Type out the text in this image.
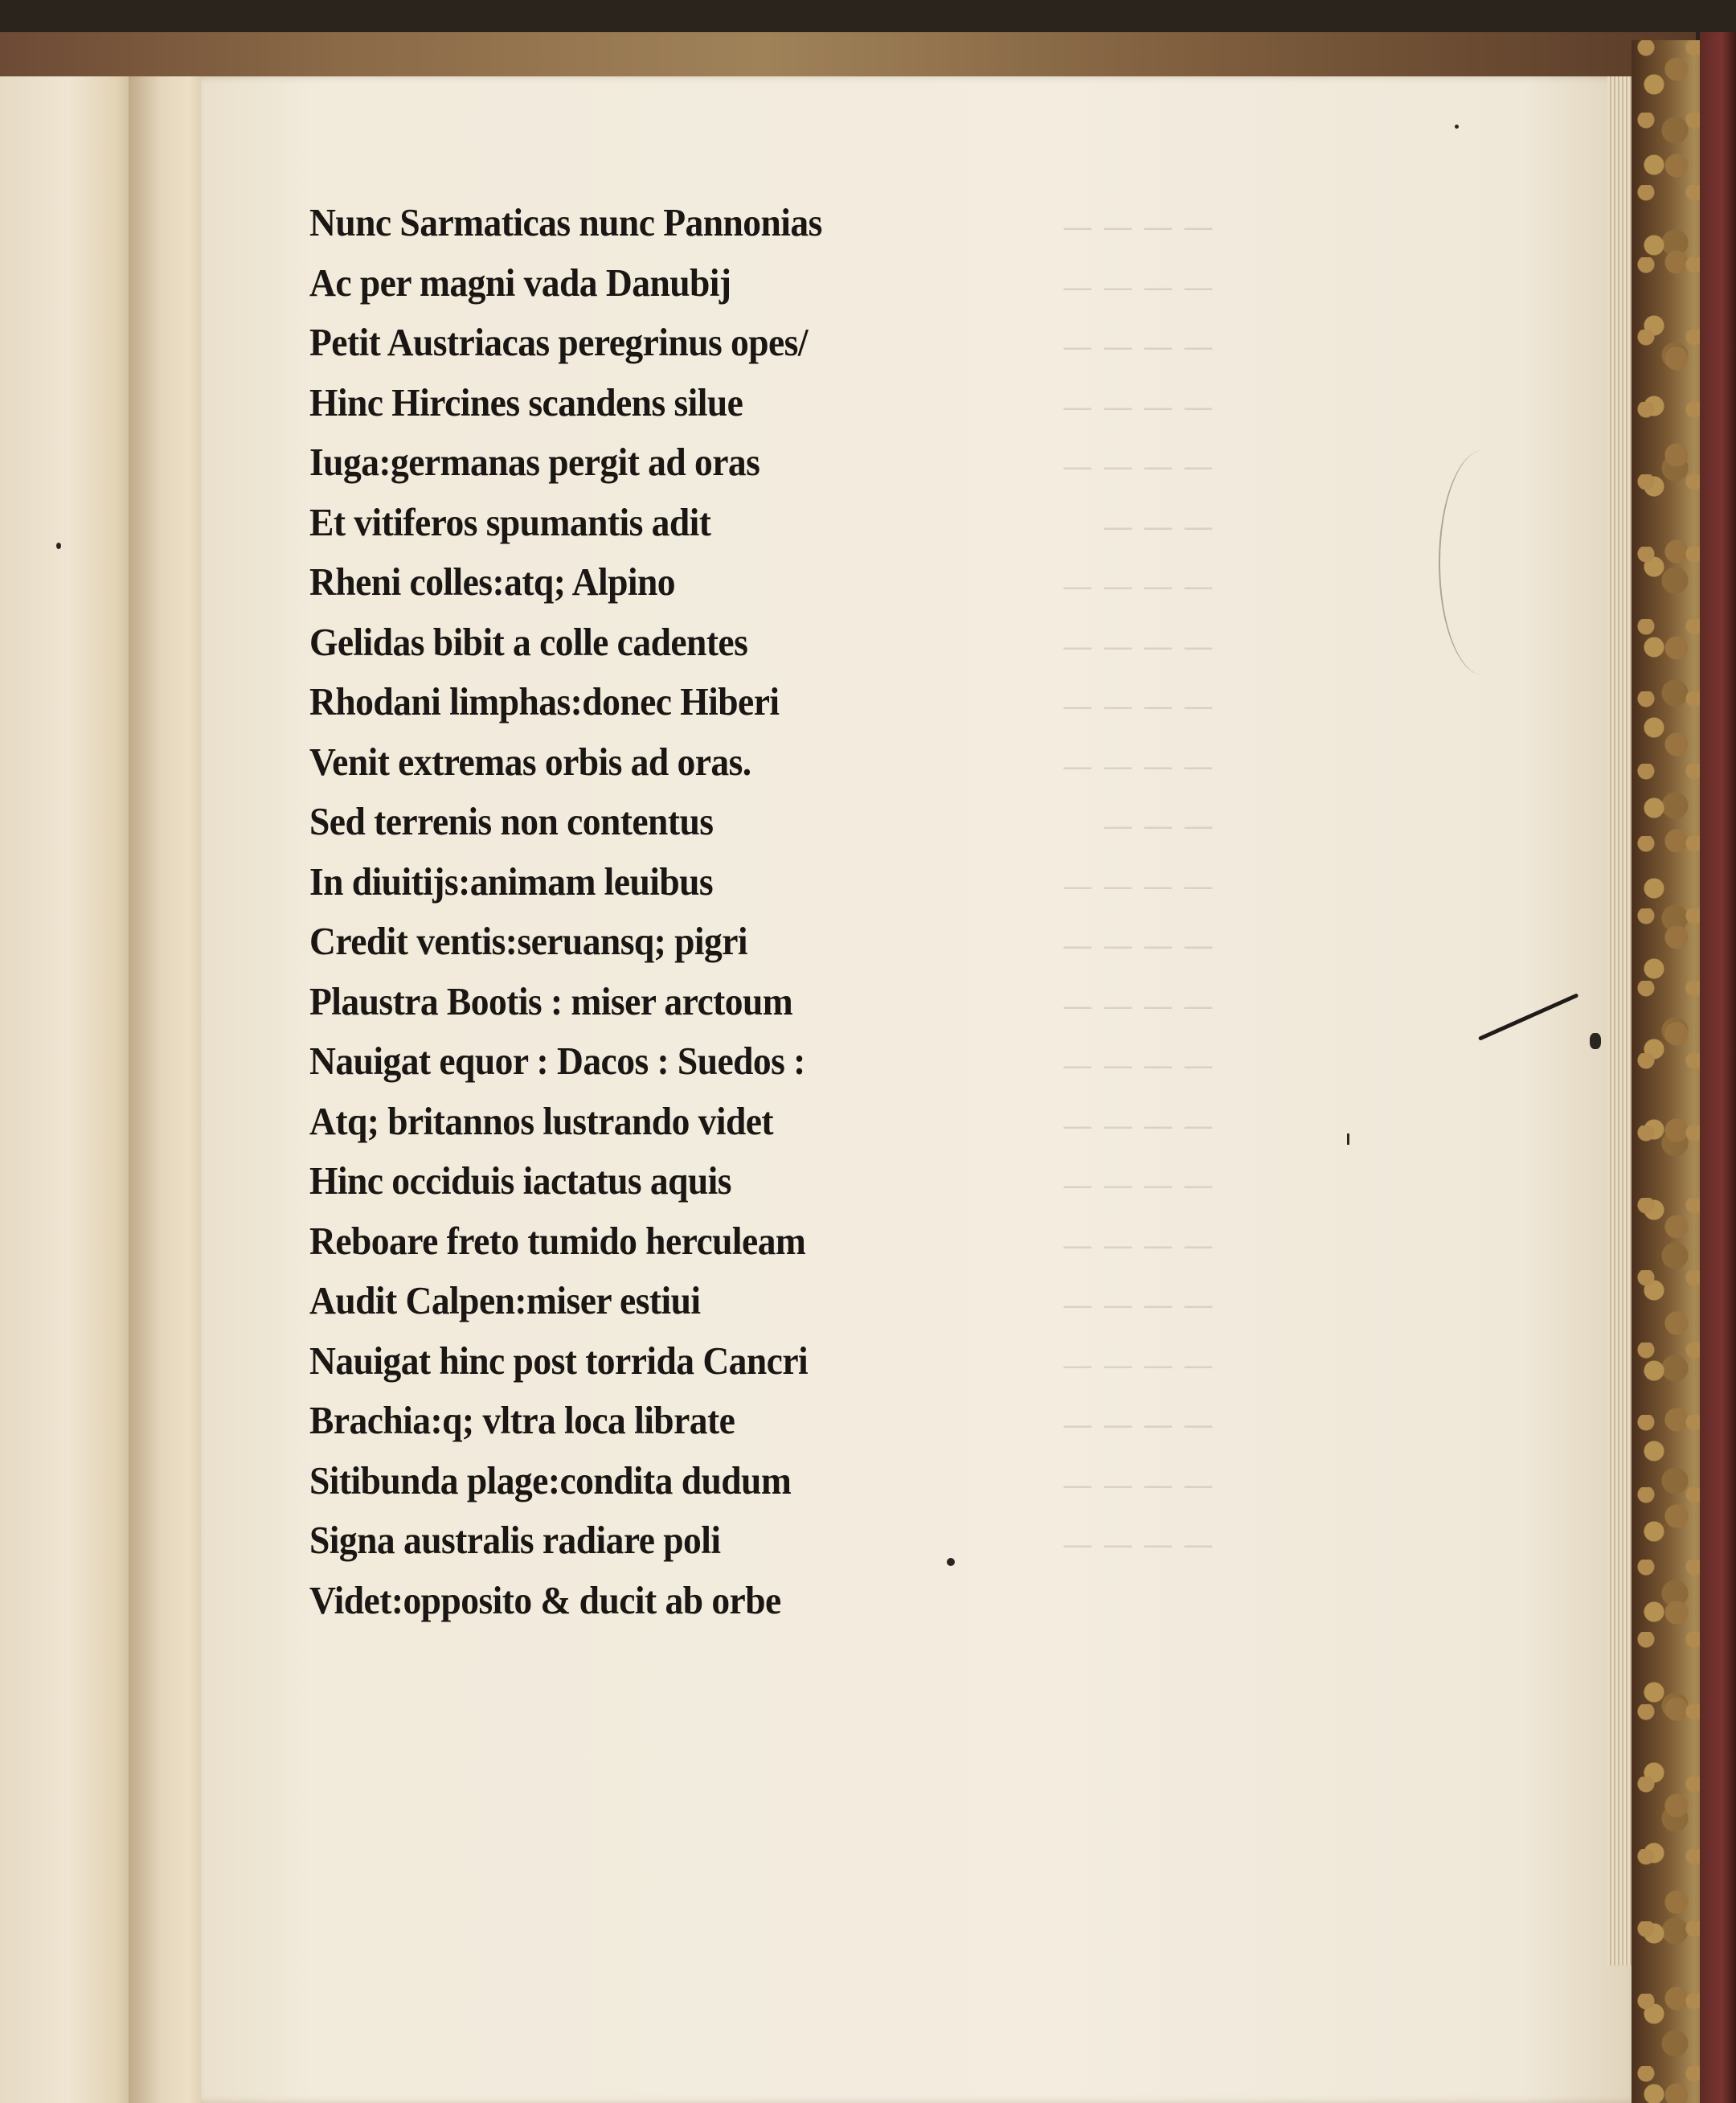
— — — —
— — — —
— — — —
— — — —
— — — —
— — —
— — — —
— — — —
— — — —
— — — —
— — —
— — — —
— — — —
— — — —
— — — —
— — — —
— — — —
— — — —
— — — —
— — — —
— — — —
— — — —
— — — —
Nunc Sarmaticas nunc Pannonias
Ac per magni vada Danubij
Petit Austriacas peregrinus opes/
Hinc Hircines scandens silue
Iuga:germanas pergit ad oras
Et vitiferos spumantis adit
Rheni colles:atq; Alpino
Gelidas bibit a colle cadentes
Rhodani limphas:donec Hiberi
Venit extremas orbis ad oras.
Sed terrenis non contentus
In diuitijs:animam leuibus
Credit ventis:seruansq; pigri
Plaustra Bootis : miser arctoum
Nauigat equor : Dacos : Suedos :
Atq; britannos lustrando videt
Hinc occiduis iactatus aquis
Reboare freto tumido herculeam
Audit Calpen:miser estiui
Nauigat hinc post torrida Cancri
Brachia:q; vltra loca librate
Sitibunda plage:condita dudum
Signa australis radiare poli
Videt:opposito & ducit ab orbe
